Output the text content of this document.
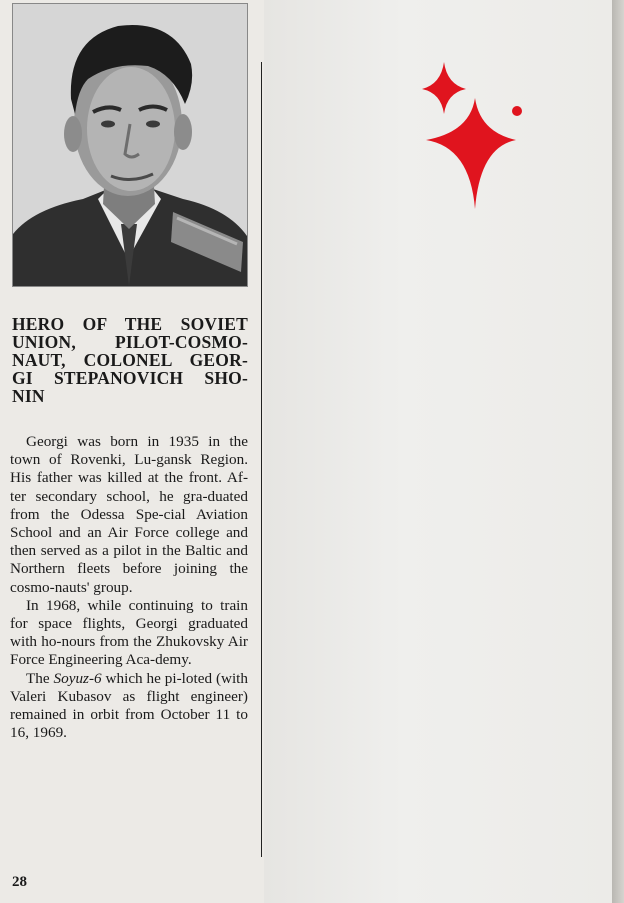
HERO OF THE SOVIET
UNION, PILOT-COSMO-
NAUT, COLONEL GEOR-
GI STEPANOVICH SHO-
NIN

Georgi was born in 1935 in the town of Rovenki, Lu-gansk Region. His father was killed at the front. Af-ter secondary school, he gra-duated from the Odessa Spe-cial Aviation School and an Air Force college and then served as a pilot in the Baltic and Northern fleets before joining the cosmo-nauts' group.

In 1968, while continuing to train for space flights, Georgi graduated with ho-nours from the Zhukovsky Air Force Engineering Aca-demy.

The Soyuz-6 which he pi-loted (with Valeri Kubasov as flight engineer) remained in orbit from October 11 to 16, 1969.

28
